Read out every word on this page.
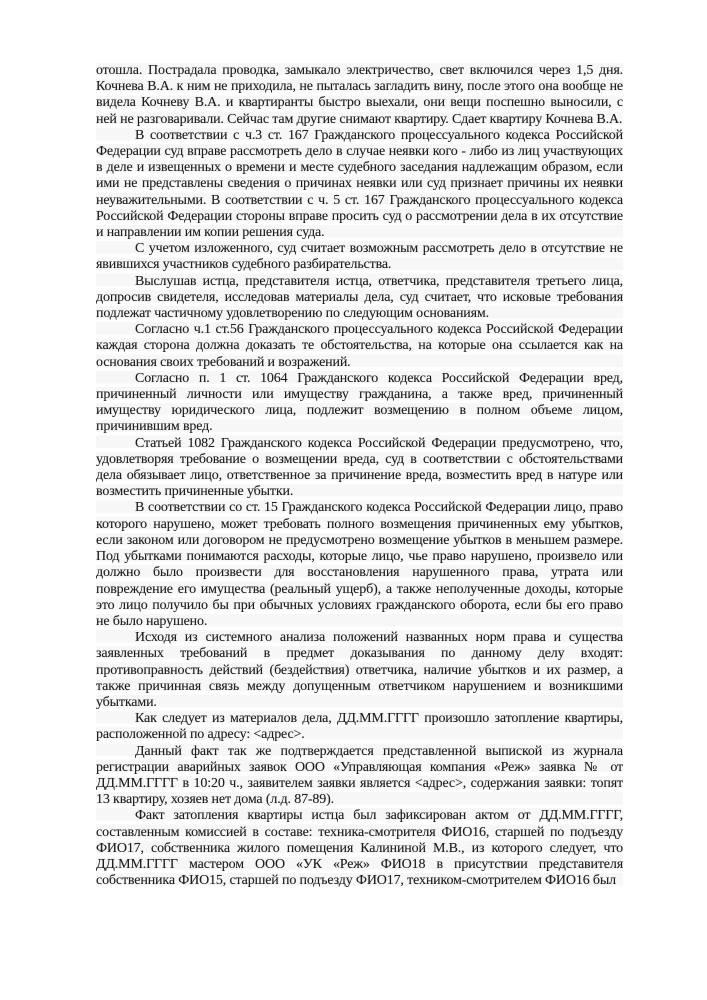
отошла. Пострадала проводка, замыкало электричество, свет включился через 1,5 дня. Кочнева В.А. к ним не приходила, не пыталась загладить вину, после этого она вообще не видела Кочневу В.А. и квартиранты быстро выехали, они вещи поспешно выносили, с ней не разговаривали. Сейчас там другие снимают квартиру. Сдает квартиру Кочнева В.А.

В соответствии с ч.3 ст. 167 Гражданского процессуального кодекса Российской Федерации суд вправе рассмотреть дело в случае неявки кого - либо из лиц участвующих в деле и извещенных о времени и месте судебного заседания надлежащим образом, если ими не представлены сведения о причинах неявки или суд признает причины их неявки неуважительными. В соответствии с ч. 5 ст. 167 Гражданского процессуального кодекса Российской Федерации стороны вправе просить суд о рассмотрении дела в их отсутствие и направлении им копии решения суда.

С учетом изложенного, суд считает возможным рассмотреть дело в отсутствие не явившихся участников судебного разбирательства.

Выслушав истца, представителя истца, ответчика, представителя третьего лица, допросив свидетеля, исследовав материалы дела, суд считает, что исковые требования подлежат частичному удовлетворению по следующим основаниям.

Согласно ч.1 ст.56 Гражданского процессуального кодекса Российской Федерации каждая сторона должна доказать те обстоятельства, на которые она ссылается как на основания своих требований и возражений.

Согласно п. 1 ст. 1064 Гражданского кодекса Российской Федерации вред, причиненный личности или имуществу гражданина, а также вред, причиненный имуществу юридического лица, подлежит возмещению в полном объеме лицом, причинившим вред.

Статьей 1082 Гражданского кодекса Российской Федерации предусмотрено, что, удовлетворяя требование о возмещении вреда, суд в соответствии с обстоятельствами дела обязывает лицо, ответственное за причинение вреда, возместить вред в натуре или возместить причиненные убытки.

В соответствии со ст. 15 Гражданского кодекса Российской Федерации лицо, право которого нарушено, может требовать полного возмещения причиненных ему убытков, если законом или договором не предусмотрено возмещение убытков в меньшем размере. Под убытками понимаются расходы, которые лицо, чье право нарушено, произвело или должно было произвести для восстановления нарушенного права, утрата или повреждение его имущества (реальный ущерб), а также неполученные доходы, которые это лицо получило бы при обычных условиях гражданского оборота, если бы его право не было нарушено.

Исходя из системного анализа положений названных норм права и существа заявленных требований в предмет доказывания по данному делу входят: противоправность действий (бездействия) ответчика, наличие убытков и их размер, а также причинная связь между допущенным ответчиком нарушением и возникшими убытками.

Как следует из материалов дела, ДД.ММ.ГГГГ произошло затопление квартиры, расположенной по адресу: <адрес>.

Данный факт так же подтверждается представленной выпиской из журнала регистрации аварийных заявок ООО «Управляющая компания «Реж» заявка № от ДД.ММ.ГГГГ в 10:20 ч., заявителем заявки является <адрес>, содержания заявки: топят 13 квартиру, хозяев нет дома (л.д. 87-89).

Факт затопления квартиры истца был зафиксирован актом от ДД.ММ.ГГГГ, составленным комиссией в составе: техника-смотрителя ФИО16, старшей по подъезду ФИО17, собственника жилого помещения Калининой М.В., из которого следует, что ДД.ММ.ГГГГ мастером ООО «УК «Реж» ФИО18 в присутствии представителя собственника ФИО15, старшей по подъезду ФИО17, техником-смотрителем ФИО16 был
